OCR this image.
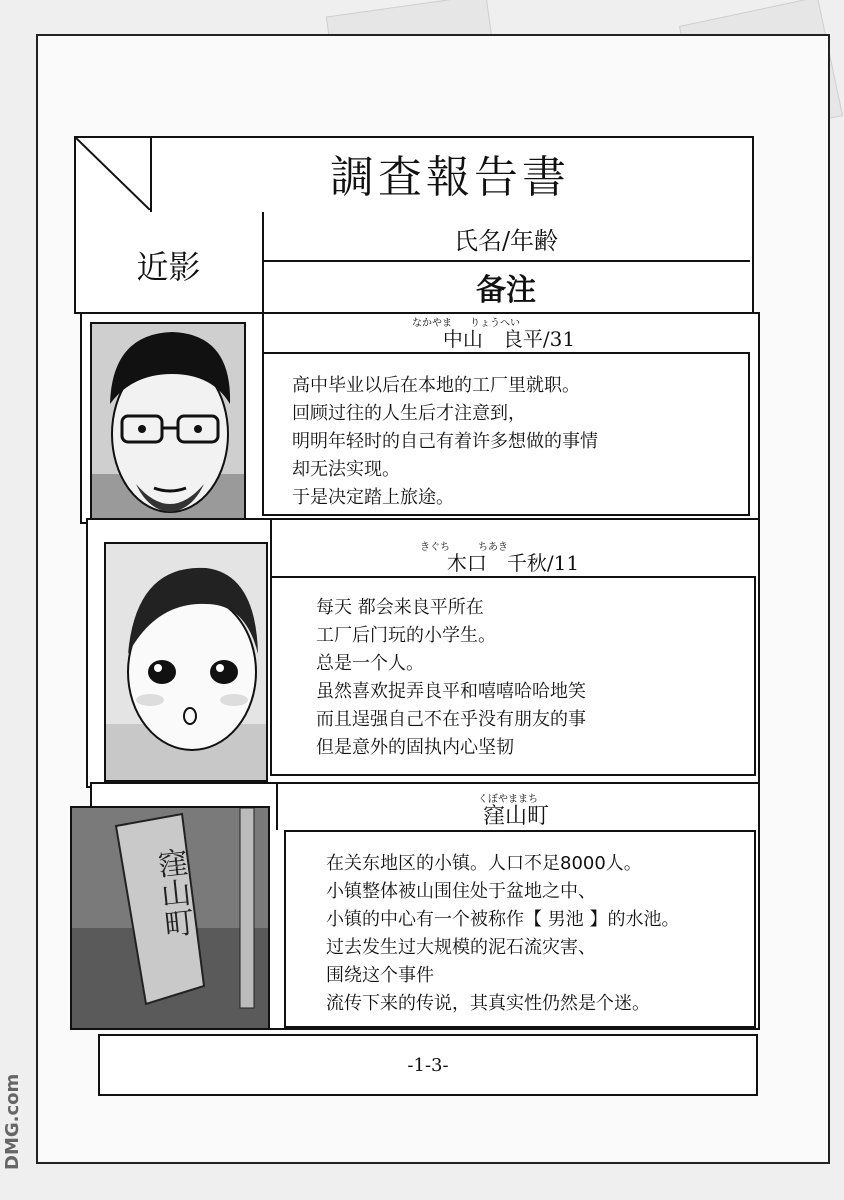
調査報告書
近影
氏名/年齢
备注
中山　良平/31
なかやま りょうへい
高中毕业以后在本地的工厂里就职。
回顾过往的人生后才注意到，
明明年轻时的自己有着许多想做的事情
却无法实现。
于是决定踏上旅途。
木口　千秋/11
きぐち	ちあき
每天 都会来良平所在
工厂后门玩的小学生。
总是一个人。
虽然喜欢捉弄良平和嘻嘻哈哈地笑
而且逞强自己不在乎没有朋友的事
但是意外的固执内心坚韧
窪山町
くぼやままち
在关东地区的小镇。人口不足8000人。
小镇整体被山围住处于盆地之中、
小镇的中心有一个被称作【 男池 】的水池。
过去发生过大规模的泥石流灾害、
围绕这个事件
流传下来的传说，其真实性仍然是个迷。
窪山町
-1-3-
DMG.com
